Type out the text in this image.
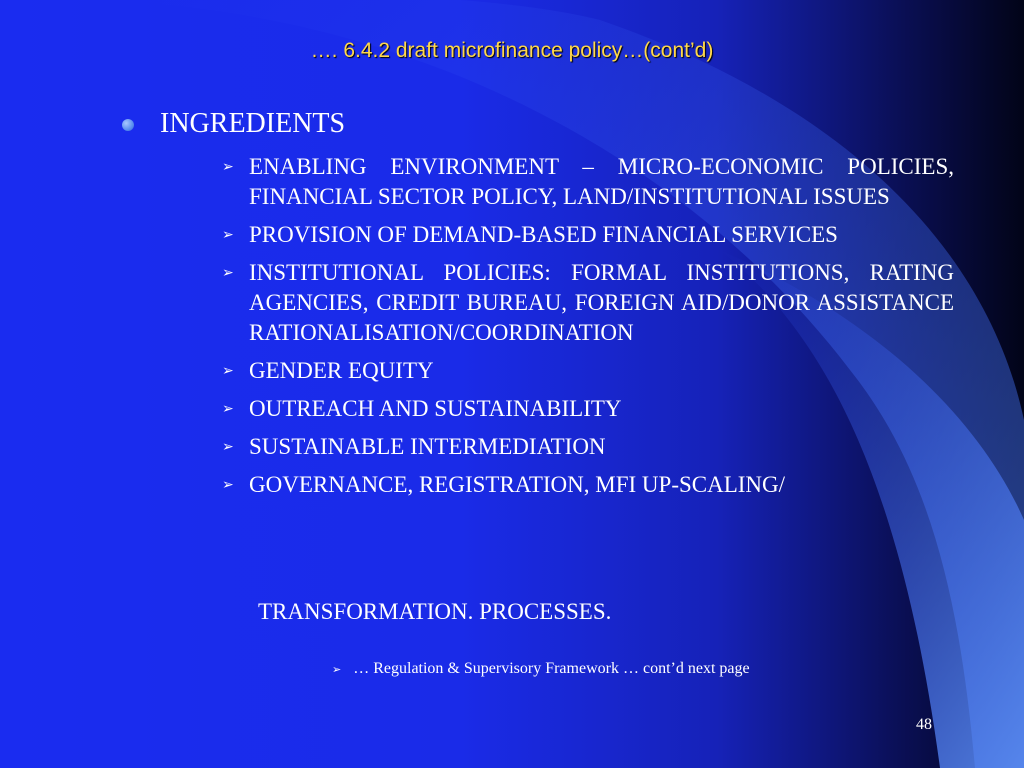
…. 6.4.2 draft microfinance policy…(cont’d)
INGREDIENTS
➢ ENABLING ENVIRONMENT – MICRO-ECONOMIC POLICIES, FINANCIAL SECTOR POLICY, LAND/INSTITUTIONAL ISSUES
➢ PROVISION OF DEMAND-BASED FINANCIAL SERVICES
➢ INSTITUTIONAL POLICIES: FORMAL INSTITUTIONS, RATING AGENCIES, CREDIT BUREAU, FOREIGN AID/DONOR ASSISTANCE RATIONALISATION/COORDINATION
➢ GENDER EQUITY
➢ OUTREACH AND SUSTAINABILITY
➢ SUSTAINABLE INTERMEDIATION
➢ GOVERNANCE, REGISTRATION, MFI UP-SCALING/
TRANSFORMATION. PROCESSES.
➢ … Regulation & Supervisory Framework … cont’d next page
48
